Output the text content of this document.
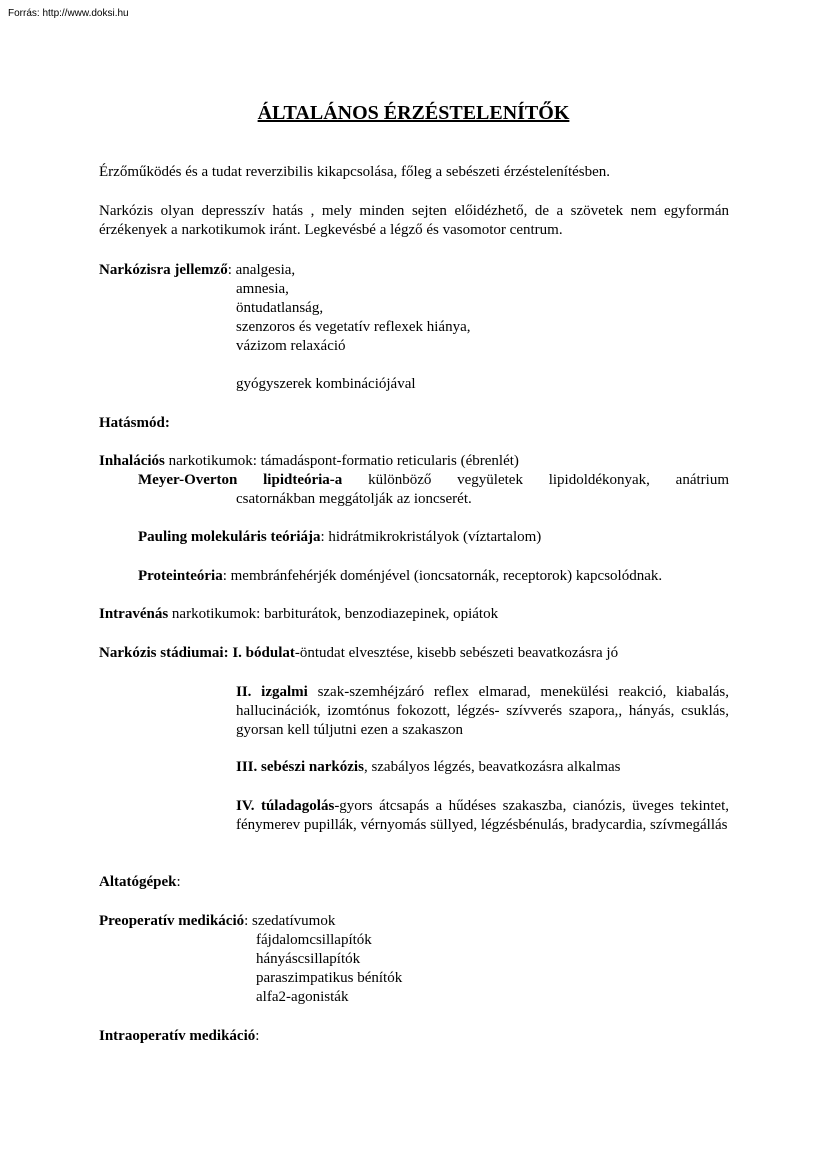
Forrás: http://www.doksi.hu
ÁLTALÁNOS ÉRZÉSTELENÍTŐK
Érzőműködés és a tudat reverzibilis kikapcsolása, főleg a sebészeti érzéstelenítésben.
Narkózis olyan depresszív hatás , mely minden sejten előidézhető, de a szövetek nem egyformán érzékenyek a narkotikumok iránt. Legkevésbé a légző és vasomotor centrum.
Narkózisra jellemző: analgesia,
amnesia,
öntudatlanság,
szenzoros és vegetatív reflexek hiánya,
vázizom relaxáció
gyógyszerek kombinációjával
Hatásmód:
Inhalációs narkotikumok: támadáspont-formatio reticularis (ébrenlét)
Meyer-Overton lipidteória-a különböző vegyületek lipidoldékonyak, anátrium
csatornákban meggátolják az ioncserét.
Pauling molekuláris teóriája: hidrátmikrokristályok (víztartalom)
Proteinteória: membránfehérjék doménjével (ioncsatornák, receptorok) kapcsolódnak.
Intravénás narkotikumok: barbiturátok, benzodiazepinek, opiátok
Narkózis stádiumai: I. bódulat-öntudat elvesztése, kisebb sebészeti beavatkozásra jó
II. izgalmi szak-szemhéjzáró reflex elmarad, menekülési reakció, kiabalás, hallucinációk, izomtónus fokozott, légzés- szívverés szapora,, hányás, csuklás, gyorsan kell túljutni ezen a szakaszon
III. sebészi narkózis, szabályos légzés, beavatkozásra alkalmas
IV. túladagolás-gyors átcsapás a hűdéses szakaszba, cianózis, üveges tekintet, fénymerev pupillák, vérnyomás süllyed, légzésbénulás, bradycardia, szívmegállás
Altatógépek:
Preoperatív medikáció: szedatívumok
fájdalomcsillapítók
hányáscsillapítók
paraszimpatikus bénítók
alfa2-agonisták
Intraoperatív medikáció:
